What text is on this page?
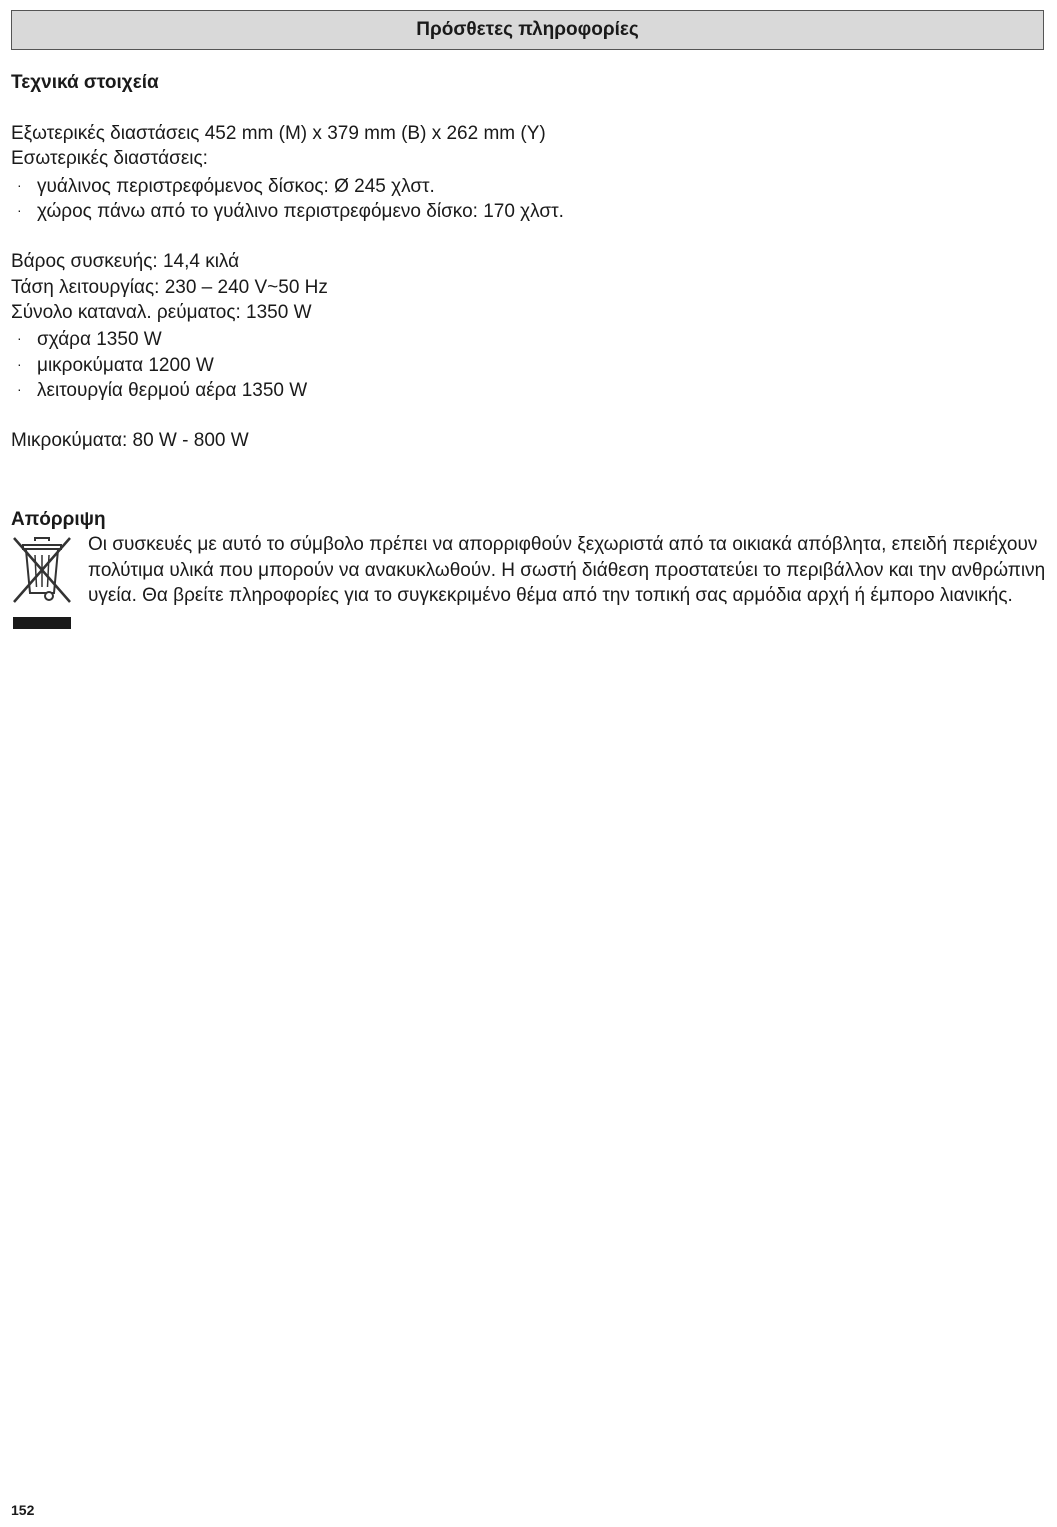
Πρόσθετες πληροφορίες
Τεχνικά στοιχεία
Εξωτερικές διαστάσεις 452 mm (Μ) x 379 mm (Β) x 262 mm (Υ)
Εσωτερικές διαστάσεις:
· γυάλινος περιστρεφόμενος δίσκος: Ø 245 χλστ.
· χώρος πάνω από το γυάλινο περιστρεφόμενο δίσκο: 170 χλστ.
Βάρος συσκευής: 14,4 κιλά
Τάση λειτουργίας: 230 – 240 V~50 Hz
Σύνολο καταναλ. ρεύματος: 1350 W
· σχάρα 1350 W
· μικροκύματα 1200 W
· λειτουργία θερμού αέρα 1350 W
Μικροκύματα: 80 W - 800 W
Απόρριψη
Οι συσκευές με αυτό το σύμβολο πρέπει να απορριφθούν ξεχωριστά από τα οικιακά απόβλητα, επειδή περιέχουν πολύτιμα υλικά που μπορούν να ανακυκλωθούν. Η σωστή διάθεση προστατεύει το περιβάλλον και την ανθρώπινη υγεία. Θα βρείτε πληροφορίες για το συγκεκριμένο θέμα από την τοπική σας αρμόδια αρχή ή έμπορο λιανικής.
152
